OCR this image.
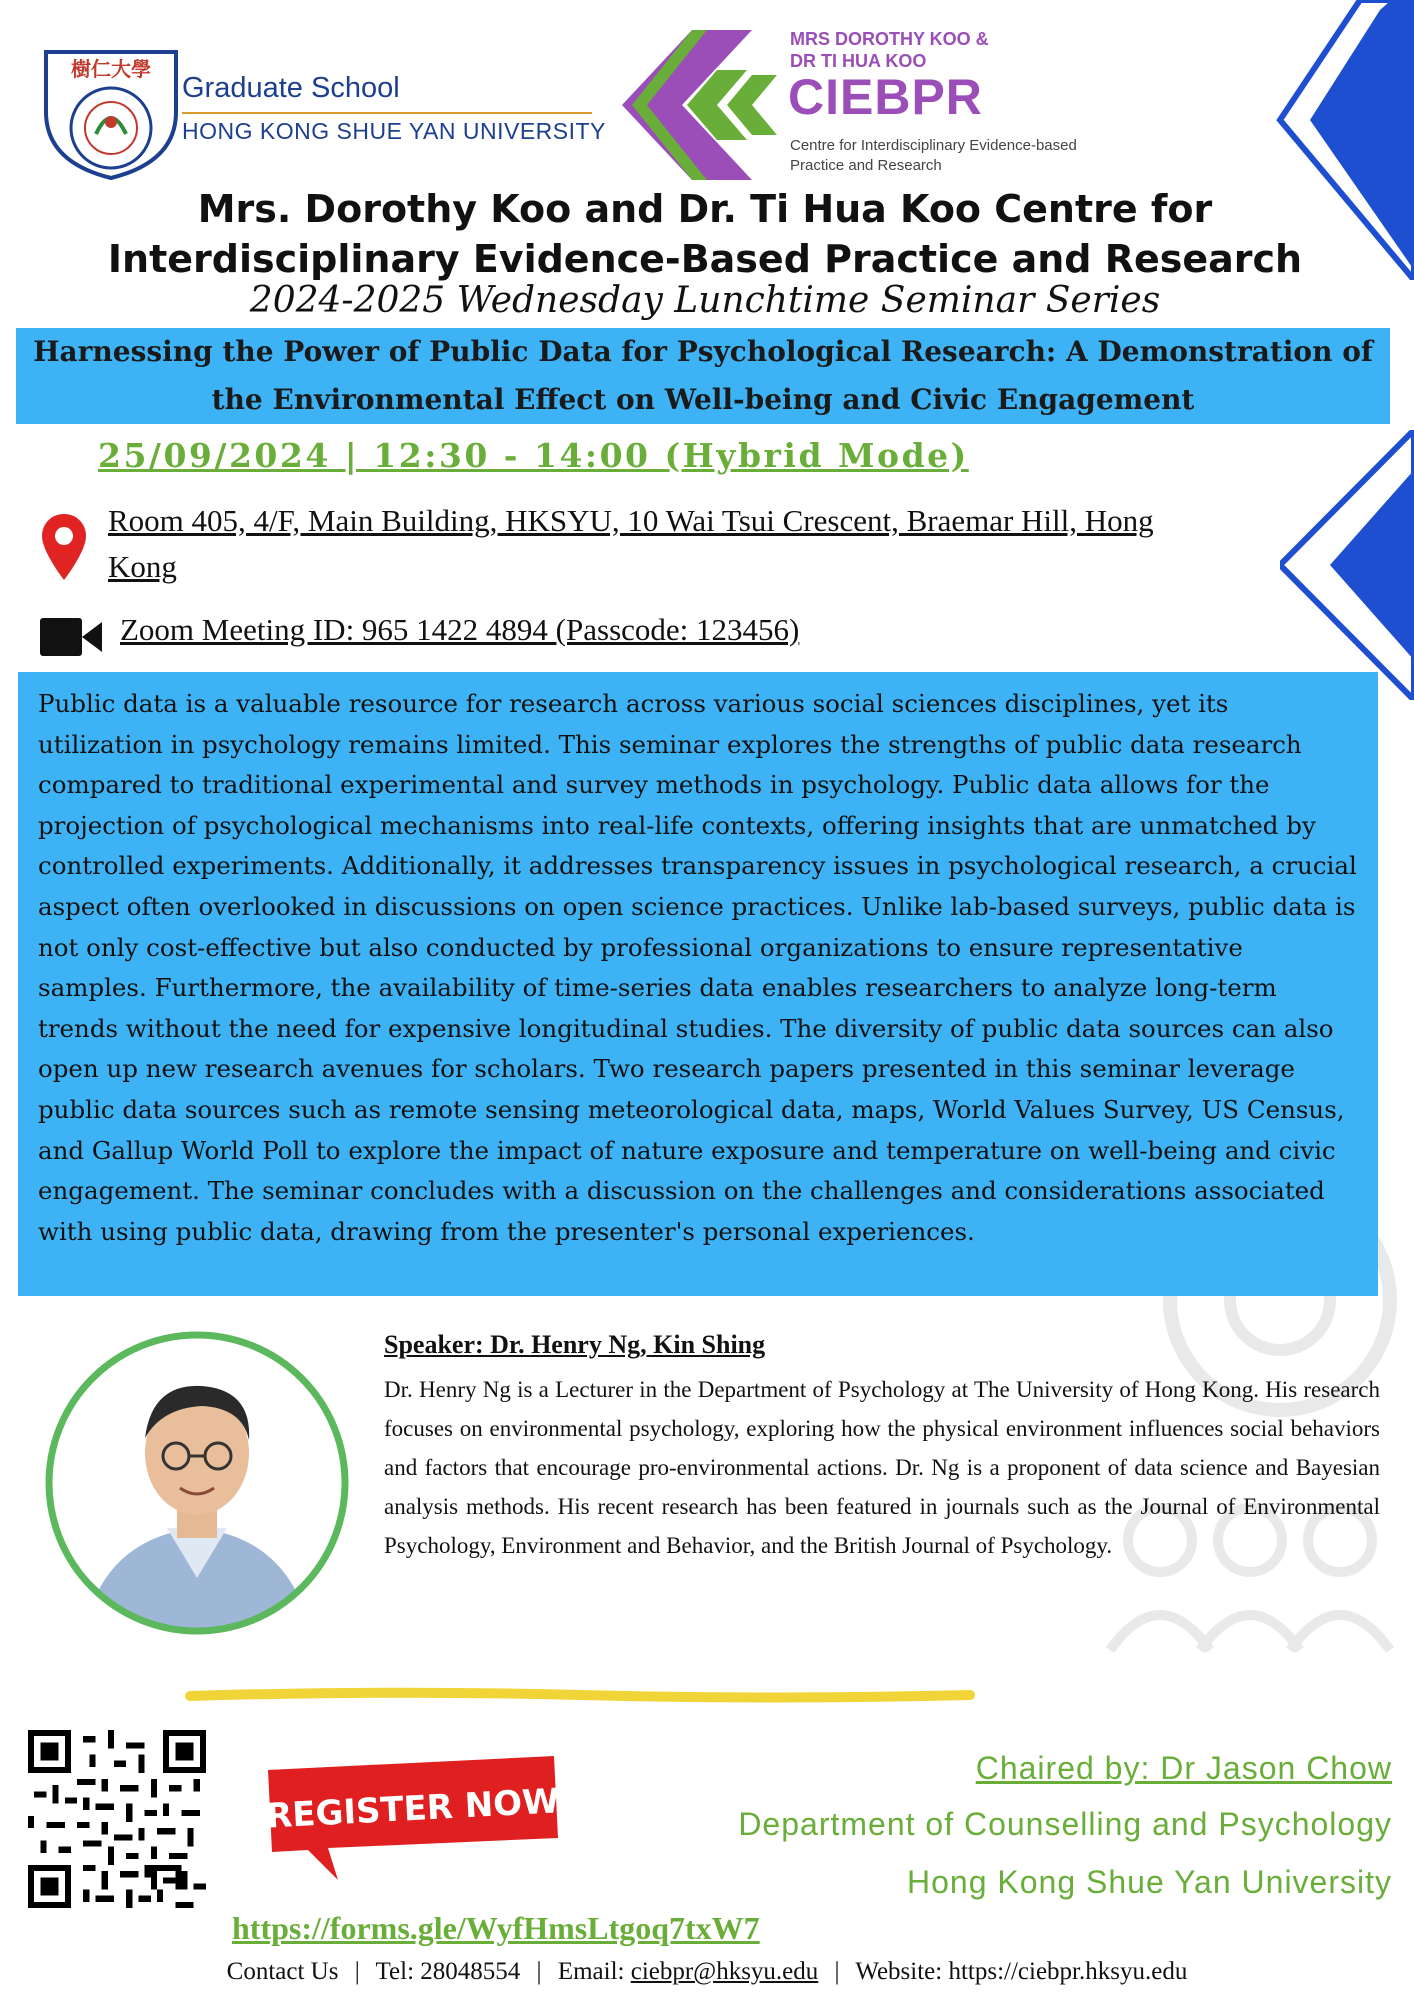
樹仁大學
Graduate School
HONG KONG SHUE YAN UNIVERSITY
MRS DOROTHY KOO & DR TI HUA KOO
CIEBPR
Centre for Interdisciplinary Evidence-based Practice and Research
Mrs. Dorothy Koo and Dr. Ti Hua Koo Centre for Interdisciplinary Evidence-Based Practice and Research
2024-2025 Wednesday Lunchtime Seminar Series
Harnessing the Power of Public Data for Psychological Research: A Demonstration of the Environmental Effect on Well-being and Civic Engagement
25/09/2024 | 12:30 - 14:00 (Hybrid Mode)
Room 405, 4/F, Main Building, HKSYU, 10 Wai Tsui Crescent, Braemar Hill, Hong Kong
Zoom Meeting ID: 965 1422 4894 (Passcode: 123456)
Public data is a valuable resource for research across various social sciences disciplines, yet its utilization in psychology remains limited. This seminar explores the strengths of public data research compared to traditional experimental and survey methods in psychology. Public data allows for the projection of psychological mechanisms into real-life contexts, offering insights that are unmatched by controlled experiments. Additionally, it addresses transparency issues in psychological research, a crucial aspect often overlooked in discussions on open science practices. Unlike lab-based surveys, public data is not only cost-effective but also conducted by professional organizations to ensure representative samples. Furthermore, the availability of time-series data enables researchers to analyze long-term trends without the need for expensive longitudinal studies. The diversity of public data sources can also open up new research avenues for scholars. Two research papers presented in this seminar leverage public data sources such as remote sensing meteorological data, maps, World Values Survey, US Census, and Gallup World Poll to explore the impact of nature exposure and temperature on well-being and civic engagement. The seminar concludes with a discussion on the challenges and considerations associated with using public data, drawing from the presenter's personal experiences.
Speaker: Dr. Henry Ng, Kin Shing
Dr. Henry Ng is a Lecturer in the Department of Psychology at The University of Hong Kong. His research focuses on environmental psychology, exploring how the physical environment influences social behaviors and factors that encourage pro-environmental actions. Dr. Ng is a proponent of data science and Bayesian analysis methods. His recent research has been featured in journals such as the Journal of Environmental Psychology, Environment and Behavior, and the British Journal of Psychology.
REGISTER NOW
Chaired by: Dr Jason Chow
Department of Counselling and Psychology
Hong Kong Shue Yan University
https://forms.gle/WyfHmsLtgoq7txW7
Contact Us | Tel: 28048554 | Email: ciebpr@hksyu.edu | Website: https://ciebpr.hksyu.edu
